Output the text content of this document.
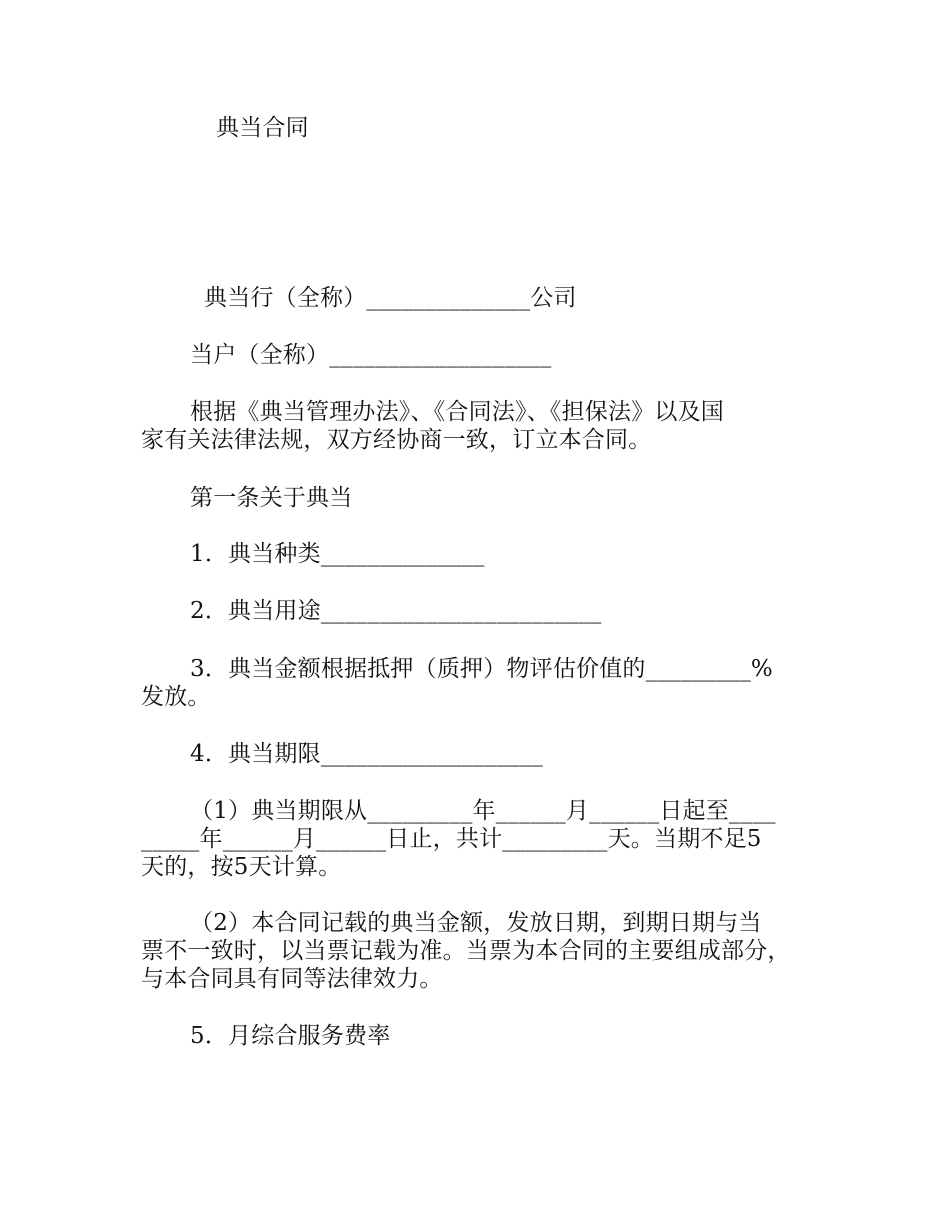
典当合同
典当行（全称）______________公司
当户（全称）___________________
根据《典当管理办法》、《合同法》、《担保法》以及国
家有关法律法规，双方经协商一致，订立本合同。
第一条关于典当
1．典当种类______________
2．典当用途________________________
3．典当金额根据抵押（质押）物评估价值的_________%
发放。
4．典当期限___________________
（1）典当期限从_________年______月______日起至____
_____年______月______日止，共计_________天。当期不足5
天的，按5天计算。
（2）本合同记载的典当金额，发放日期，到期日期与当
票不一致时，以当票记载为准。当票为本合同的主要组成部分，
与本合同具有同等法律效力。
5．月综合服务费率
